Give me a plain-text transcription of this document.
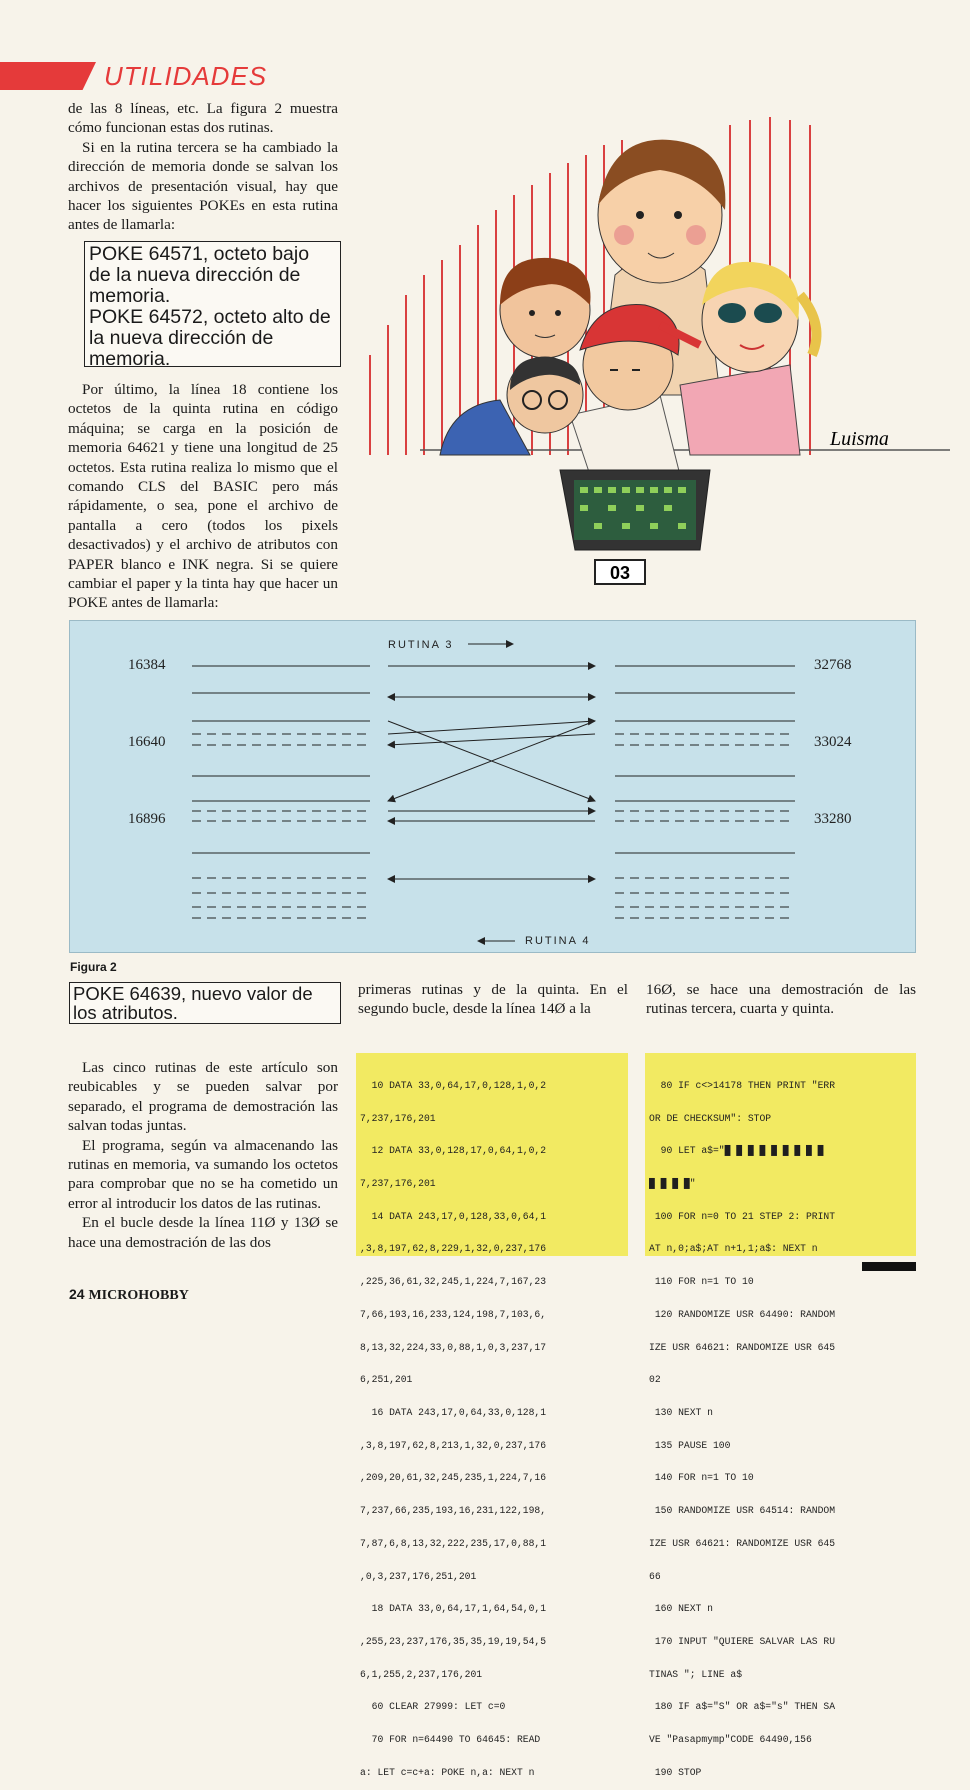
UTILIDADES

de las 8 líneas, etc. La figura 2 muestra cómo funcionan estas dos rutinas.

Si en la rutina tercera se ha cambiado la dirección de memoria donde se salvan los archivos de presentación visual, hay que hacer los siguientes POKEs en esta rutina antes de llamarla:

POKE 64571, octeto bajo de la nueva dirección de memoria.
POKE 64572, octeto alto de la nueva dirección de memoria.

Por último, la línea 18 contiene los octetos de la quinta rutina en código máquina; se carga en la posición de memoria 64621 y tiene una longitud de 25 octetos. Esta rutina realiza lo mismo que el comando CLS del BASIC pero más rápidamente, o sea, pone el archivo de pantalla a cero (todos los pixels desactivados) y el archivo de atributos con PAPER blanco e INK negra. Si se quiere cambiar el paper y la tinta hay que hacer un POKE antes de llamarla:

03
Luisma
RUTINA 3
RUTINA 4
16384
16640
16896
32768
33024
33280
Figura 2
POKE 64639, nuevo valor de los atributos.

primeras rutinas y de la quinta. En el segundo bucle, desde la línea 14Ø a la

16Ø, se hace una demostración de las rutinas tercera, cuarta y quinta.

Las cinco rutinas de este artículo son reubicables y se pueden salvar por separado, el programa de demostración las salvan todas juntas.

El programa, según va almacenando las rutinas en memoria, va sumando los octetos para comprobar que no se ha cometido un error al introducir los datos de las rutinas.

En el bucle desde la línea 11Ø y 13Ø se hace una demostración de las dos

10 DATA 33,0,64,17,0,128,1,0,2

7,237,176,201

12 DATA 33,0,128,17,0,64,1,0,2

7,237,176,201

14 DATA 243,17,0,128,33,0,64,1

,3,8,197,62,8,229,1,32,0,237,176

,225,36,61,32,245,1,224,7,167,23

7,66,193,16,233,124,198,7,103,6,

8,13,32,224,33,0,88,1,0,3,237,17

6,251,201

16 DATA 243,17,0,64,33,0,128,1

,3,8,197,62,8,213,1,32,0,237,176

,209,20,61,32,245,235,1,224,7,16

7,237,66,235,193,16,231,122,198,

7,87,6,8,13,32,222,235,17,0,88,1

,0,3,237,176,251,201

18 DATA 33,0,64,17,1,64,54,0,1

,255,23,237,176,35,35,19,19,54,5

6,1,255,2,237,176,201

60 CLEAR 27999: LET c=0

70 FOR n=64490 TO 64645: READ

a: LET c=c+a: POKE n,a: NEXT n

80 IF c<>14178 THEN PRINT "ERR

OR DE CHECKSUM": STOP

90 LET a$="█ █ █ █ █ █ █ █ █

█ █ █ █"

100 FOR n=0 TO 21 STEP 2: PRINT

AT n,0;a$;AT n+1,1;a$: NEXT n

110 FOR n=1 TO 10

120 RANDOMIZE USR 64490: RANDOM

IZE USR 64621: RANDOMIZE USR 645

02

130 NEXT n

135 PAUSE 100

140 FOR n=1 TO 10

150 RANDOMIZE USR 64514: RANDOM

IZE USR 64621: RANDOMIZE USR 645

66

160 NEXT n

170 INPUT "QUIERE SALVAR LAS RU

TINAS "; LINE a$

180 IF a$="S" OR a$="s" THEN SA

VE "Pasapmymp"CODE 64490,156

190 STOP

24 MICROHOBBY
